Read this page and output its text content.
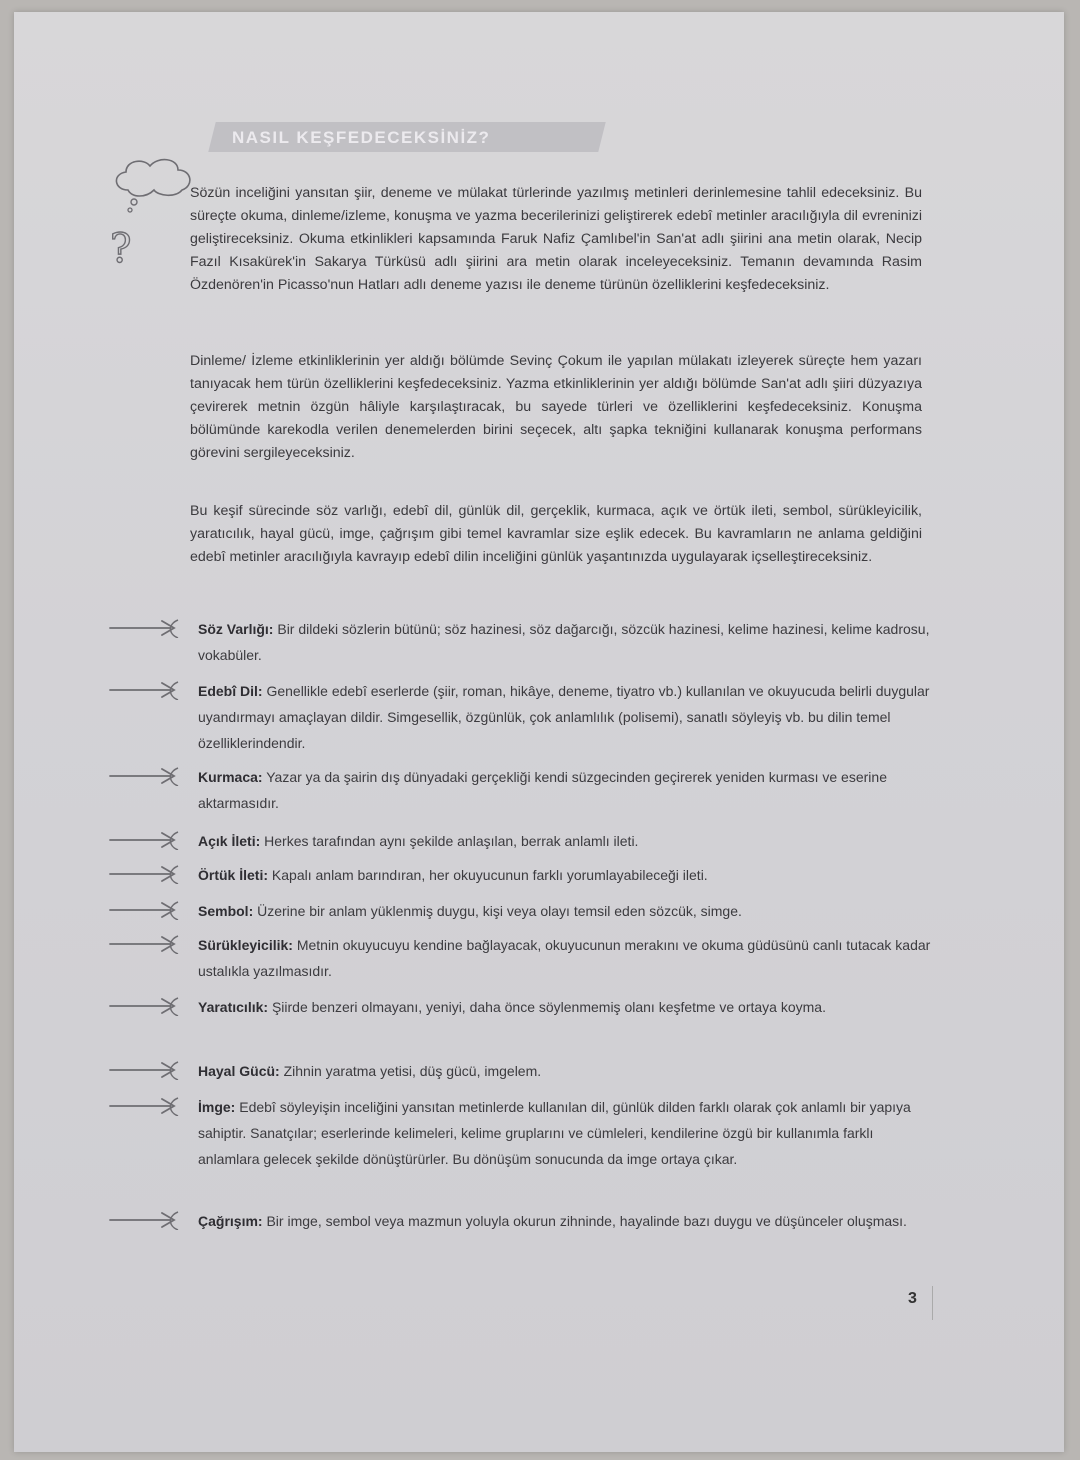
NASIL KEŞFEDECEKSİNİZ?
?

Sözün inceliğini yansıtan şiir, deneme ve mülakat türlerinde yazılmış metinleri derinlemesine tahlil edeceksiniz. Bu süreçte okuma, dinleme/izleme, konuşma ve yazma becerilerinizi geliştirerek edebî metinler aracılığıyla dil evreninizi geliştireceksiniz. Okuma etkinlikleri kapsamında Faruk Nafiz Çamlıbel'in San'at adlı şiirini ana metin olarak, Necip Fazıl Kısakürek'in Sakarya Türküsü adlı şiirini ara metin olarak inceleyeceksiniz. Temanın devamında Rasim Özdenören'in Picasso'nun Hatları adlı deneme yazısı ile deneme türünün özelliklerini keşfedeceksiniz.

Dinleme/ İzleme etkinliklerinin yer aldığı bölümde Sevinç Çokum ile yapılan mülakatı izleyerek süreçte hem yazarı tanıyacak hem türün özelliklerini keşfedeceksiniz. Yazma etkinliklerinin yer aldığı bölümde San'at adlı şiiri düzyazıya çevirerek metnin özgün hâliyle karşılaştıracak, bu sayede türleri ve özelliklerini keşfedeceksiniz. Konuşma bölümünde karekodla verilen denemelerden birini seçecek, altı şapka tekniğini kullanarak konuşma performans görevini sergileyeceksiniz.

Bu keşif sürecinde söz varlığı, edebî dil, günlük dil, gerçeklik, kurmaca, açık ve örtük ileti, sembol, sürükleyicilik, yaratıcılık, hayal gücü, imge, çağrışım gibi temel kavramlar size eşlik edecek. Bu kavramların ne anlama geldiğini edebî metinler aracılığıyla kavrayıp edebî dilin inceliğini günlük yaşantınızda uygulayarak içselleştireceksiniz.

Söz Varlığı: Bir dildeki sözlerin bütünü; söz hazinesi, söz dağarcığı, sözcük hazinesi, kelime hazinesi, kelime kadrosu, vokabüler.

Edebî Dil: Genellikle edebî eserlerde (şiir, roman, hikâye, deneme, tiyatro vb.) kullanılan ve okuyucuda belirli duygular uyandırmayı amaçlayan dildir. Simgesellik, özgünlük, çok anlamlılık (polisemi), sanatlı söyleyiş vb. bu dilin temel özelliklerindendir.

Kurmaca: Yazar ya da şairin dış dünyadaki gerçekliği kendi süzgecinden geçirerek yeniden kurması ve eserine aktarmasıdır.

Açık İleti: Herkes tarafından aynı şekilde anlaşılan, berrak anlamlı ileti.

Örtük İleti: Kapalı anlam barındıran, her okuyucunun farklı yorumlayabileceği ileti.

Sembol: Üzerine bir anlam yüklenmiş duygu, kişi veya olayı temsil eden sözcük, simge.

Sürükleyicilik: Metnin okuyucuyu kendine bağlayacak, okuyucunun merakını ve okuma güdüsünü canlı tutacak kadar ustalıkla yazılmasıdır.

Yaratıcılık: Şiirde benzeri olmayanı, yeniyi, daha önce söylenmemiş olanı keşfetme ve ortaya koyma.

Hayal Gücü: Zihnin yaratma yetisi, düş gücü, imgelem.

İmge: Edebî söyleyişin inceliğini yansıtan metinlerde kullanılan dil, günlük dilden farklı olarak çok anlamlı bir yapıya sahiptir. Sanatçılar; eserlerinde kelimeleri, kelime gruplarını ve cümleleri, kendilerine özgü bir kullanımla farklı anlamlara gelecek şekilde dönüştürürler. Bu dönüşüm sonucunda da imge ortaya çıkar.

Çağrışım: Bir imge, sembol veya mazmun yoluyla okurun zihninde, hayalinde bazı duygu ve düşünceler oluşması.

3
